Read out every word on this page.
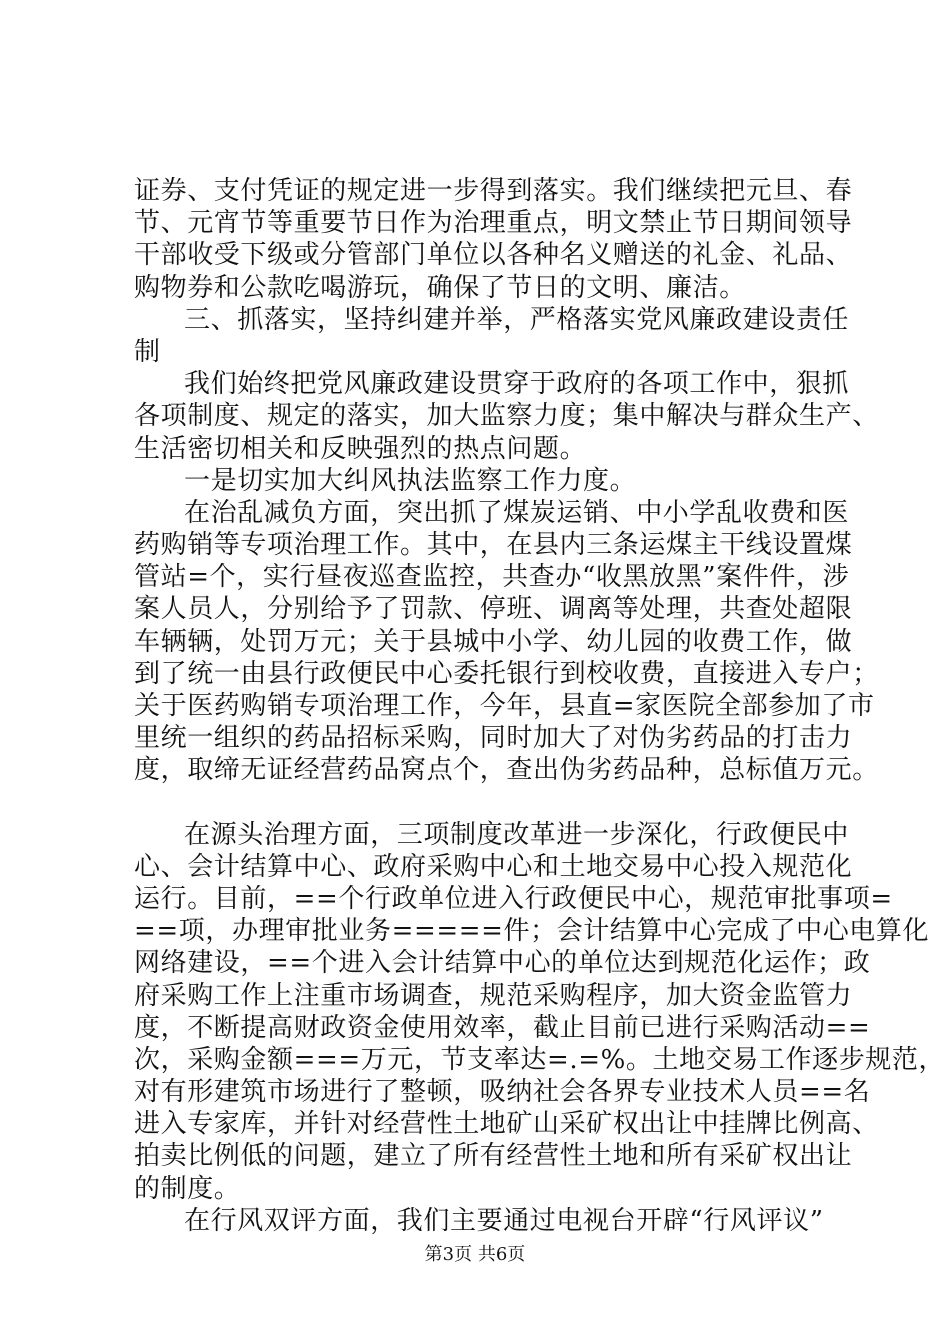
证券、支付凭证的规定进一步得到落实。我们继续把元旦、春
节、元宵节等重要节日作为治理重点，明文禁止节日期间领导
干部收受下级或分管部门单位以各种名义赠送的礼金、礼品、
购物券和公款吃喝游玩，确保了节日的文明、廉洁。
三、抓落实，坚持纠建并举，严格落实党风廉政建设责任
制
我们始终把党风廉政建设贯穿于政府的各项工作中，狠抓
各项制度、规定的落实，加大监察力度；集中解决与群众生产、
生活密切相关和反映强烈的热点问题。
一是切实加大纠风执法监察工作力度。
在治乱减负方面，突出抓了煤炭运销、中小学乱收费和医
药购销等专项治理工作。其中，在县内三条运煤主干线设置煤
管站=个，实行昼夜巡查监控，共查办“收黑放黑”案件件，涉
案人员人，分别给予了罚款、停班、调离等处理，共查处超限
车辆辆，处罚万元；关于县城中小学、幼儿园的收费工作，做
到了统一由县行政便民中心委托银行到校收费，直接进入专户；
关于医药购销专项治理工作，今年，县直=家医院全部参加了市
里统一组织的药品招标采购，同时加大了对伪劣药品的打击力
度，取缔无证经营药品窝点个，查出伪劣药品种，总标值万元。
在源头治理方面，三项制度改革进一步深化，行政便民中
心、会计结算中心、政府采购中心和土地交易中心投入规范化
运行。目前，==个行政单位进入行政便民中心，规范审批事项=
==项，办理审批业务=====件；会计结算中心完成了中心电算化
网络建设，==个进入会计结算中心的单位达到规范化运作；政
府采购工作上注重市场调查，规范采购程序，加大资金监管力
度，不断提高财政资金使用效率，截止目前已进行采购活动==
次，采购金额===万元，节支率达=.=%。土地交易工作逐步规范，
对有形建筑市场进行了整顿，吸纳社会各界专业技术人员==名
进入专家库，并针对经营性土地矿山采矿权出让中挂牌比例高、
拍卖比例低的问题，建立了所有经营性土地和所有采矿权出让
的制度。
在行风双评方面，我们主要通过电视台开辟“行风评议”
第3页 共6页
